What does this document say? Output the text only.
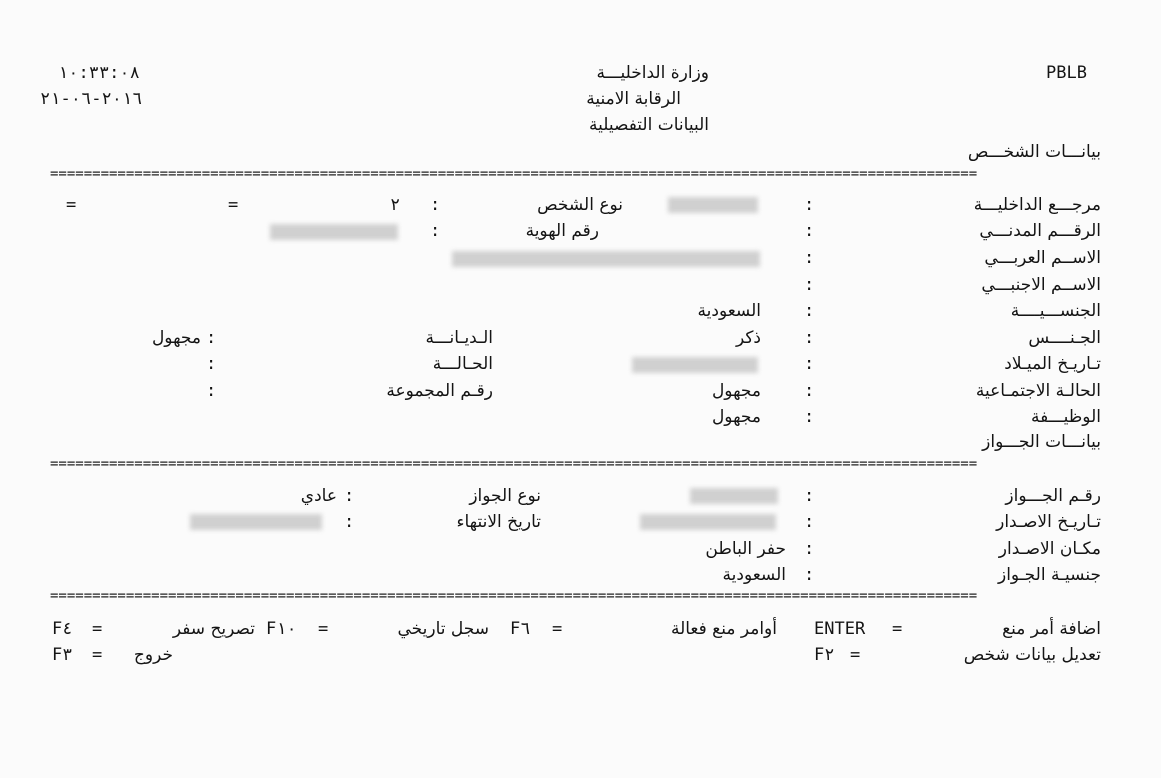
١٠:٣٣:٠٨
٢٠١٦-٠٦-٢١
PBLB
وزارة الداخليـــة
الرقابة الامنية
البيانات التفصيلية
بيانـــات الشخـــص
==============================================================================================================
مرجـــع الداخليـــة
:
نوع الشخص
:
٢
=
=
الرقـــم المدنـــي
:
رقم الهوية
:
الاســم العربـــي
:
الاســم الاجنبـــي
:
الجنســـيــــة
:
السعودية
الجـنــــس
:
ذكر
الـديـانـــة
:
مجهول
تـاريـخ الميـلاد
:
الحـالـــة
:
الحالـة الاجتمـاعية
:
مجهول
رقـم المجموعة
:
الوظيـــفة
:
مجهول
بيانـــات الجـــواز
==============================================================================================================
رقـم الجـــواز
:
نوع الجواز
:
عادي
تـاريـخ الاصـدار
:
تاريخ الانتهاء
:
مكـان الاصـدار
:
حفر الباطن
جنسيـة الجـواز
:
السعودية
==============================================================================================================
اضافة أمر منع
=
ENTER
أوامر منع فعالة
=
F٦
سجل تاريخي
=
F١٠
تصريح سفر
=
F٤
تعديل بيانات شخص
=
F٢
خروج
=
F٣
